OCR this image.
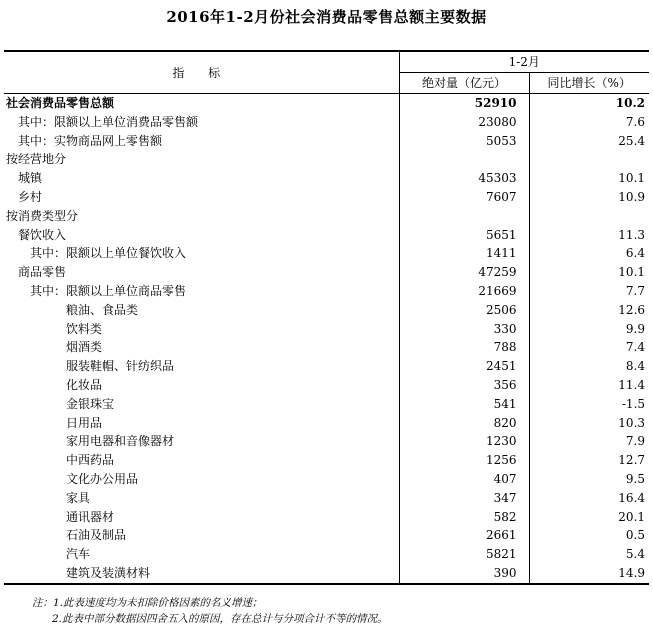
2016年1-2月份社会消费品零售总额主要数据
指 标	1-2月	
	绝对量（亿元）	同比增长（%）
社会消费品零售总额	52910	10.2
其中：限额以上单位消费品零售额	23080	7.6
其中：实物商品网上零售额	5053	25.4
按经营地分		
城镇	45303	10.1
乡村	7607	10.9
按消费类型分		
餐饮收入	5651	11.3
其中：限额以上单位餐饮收入	1411	6.4
商品零售	47259	10.1
其中：限额以上单位商品零售	21669	7.7
粮油、食品类	2506	12.6
饮料类	330	9.9
烟酒类	788	7.4
服装鞋帽、针纺织品	2451	8.4
化妆品	356	11.4
金银珠宝	541	-1.5
日用品	820	10.3
家用电器和音像器材	1230	7.9
中西药品	1256	12.7
文化办公用品	407	9.5
家具	347	16.4
通讯器材	582	20.1
石油及制品	2661	0.5
汽车	5821	5.4
建筑及装潢材料	390	14.9
注：1.此表速度均为未扣除价格因素的名义增速；
2.此表中部分数据因四舍五入的原因，存在总计与分项合计不等的情况。
